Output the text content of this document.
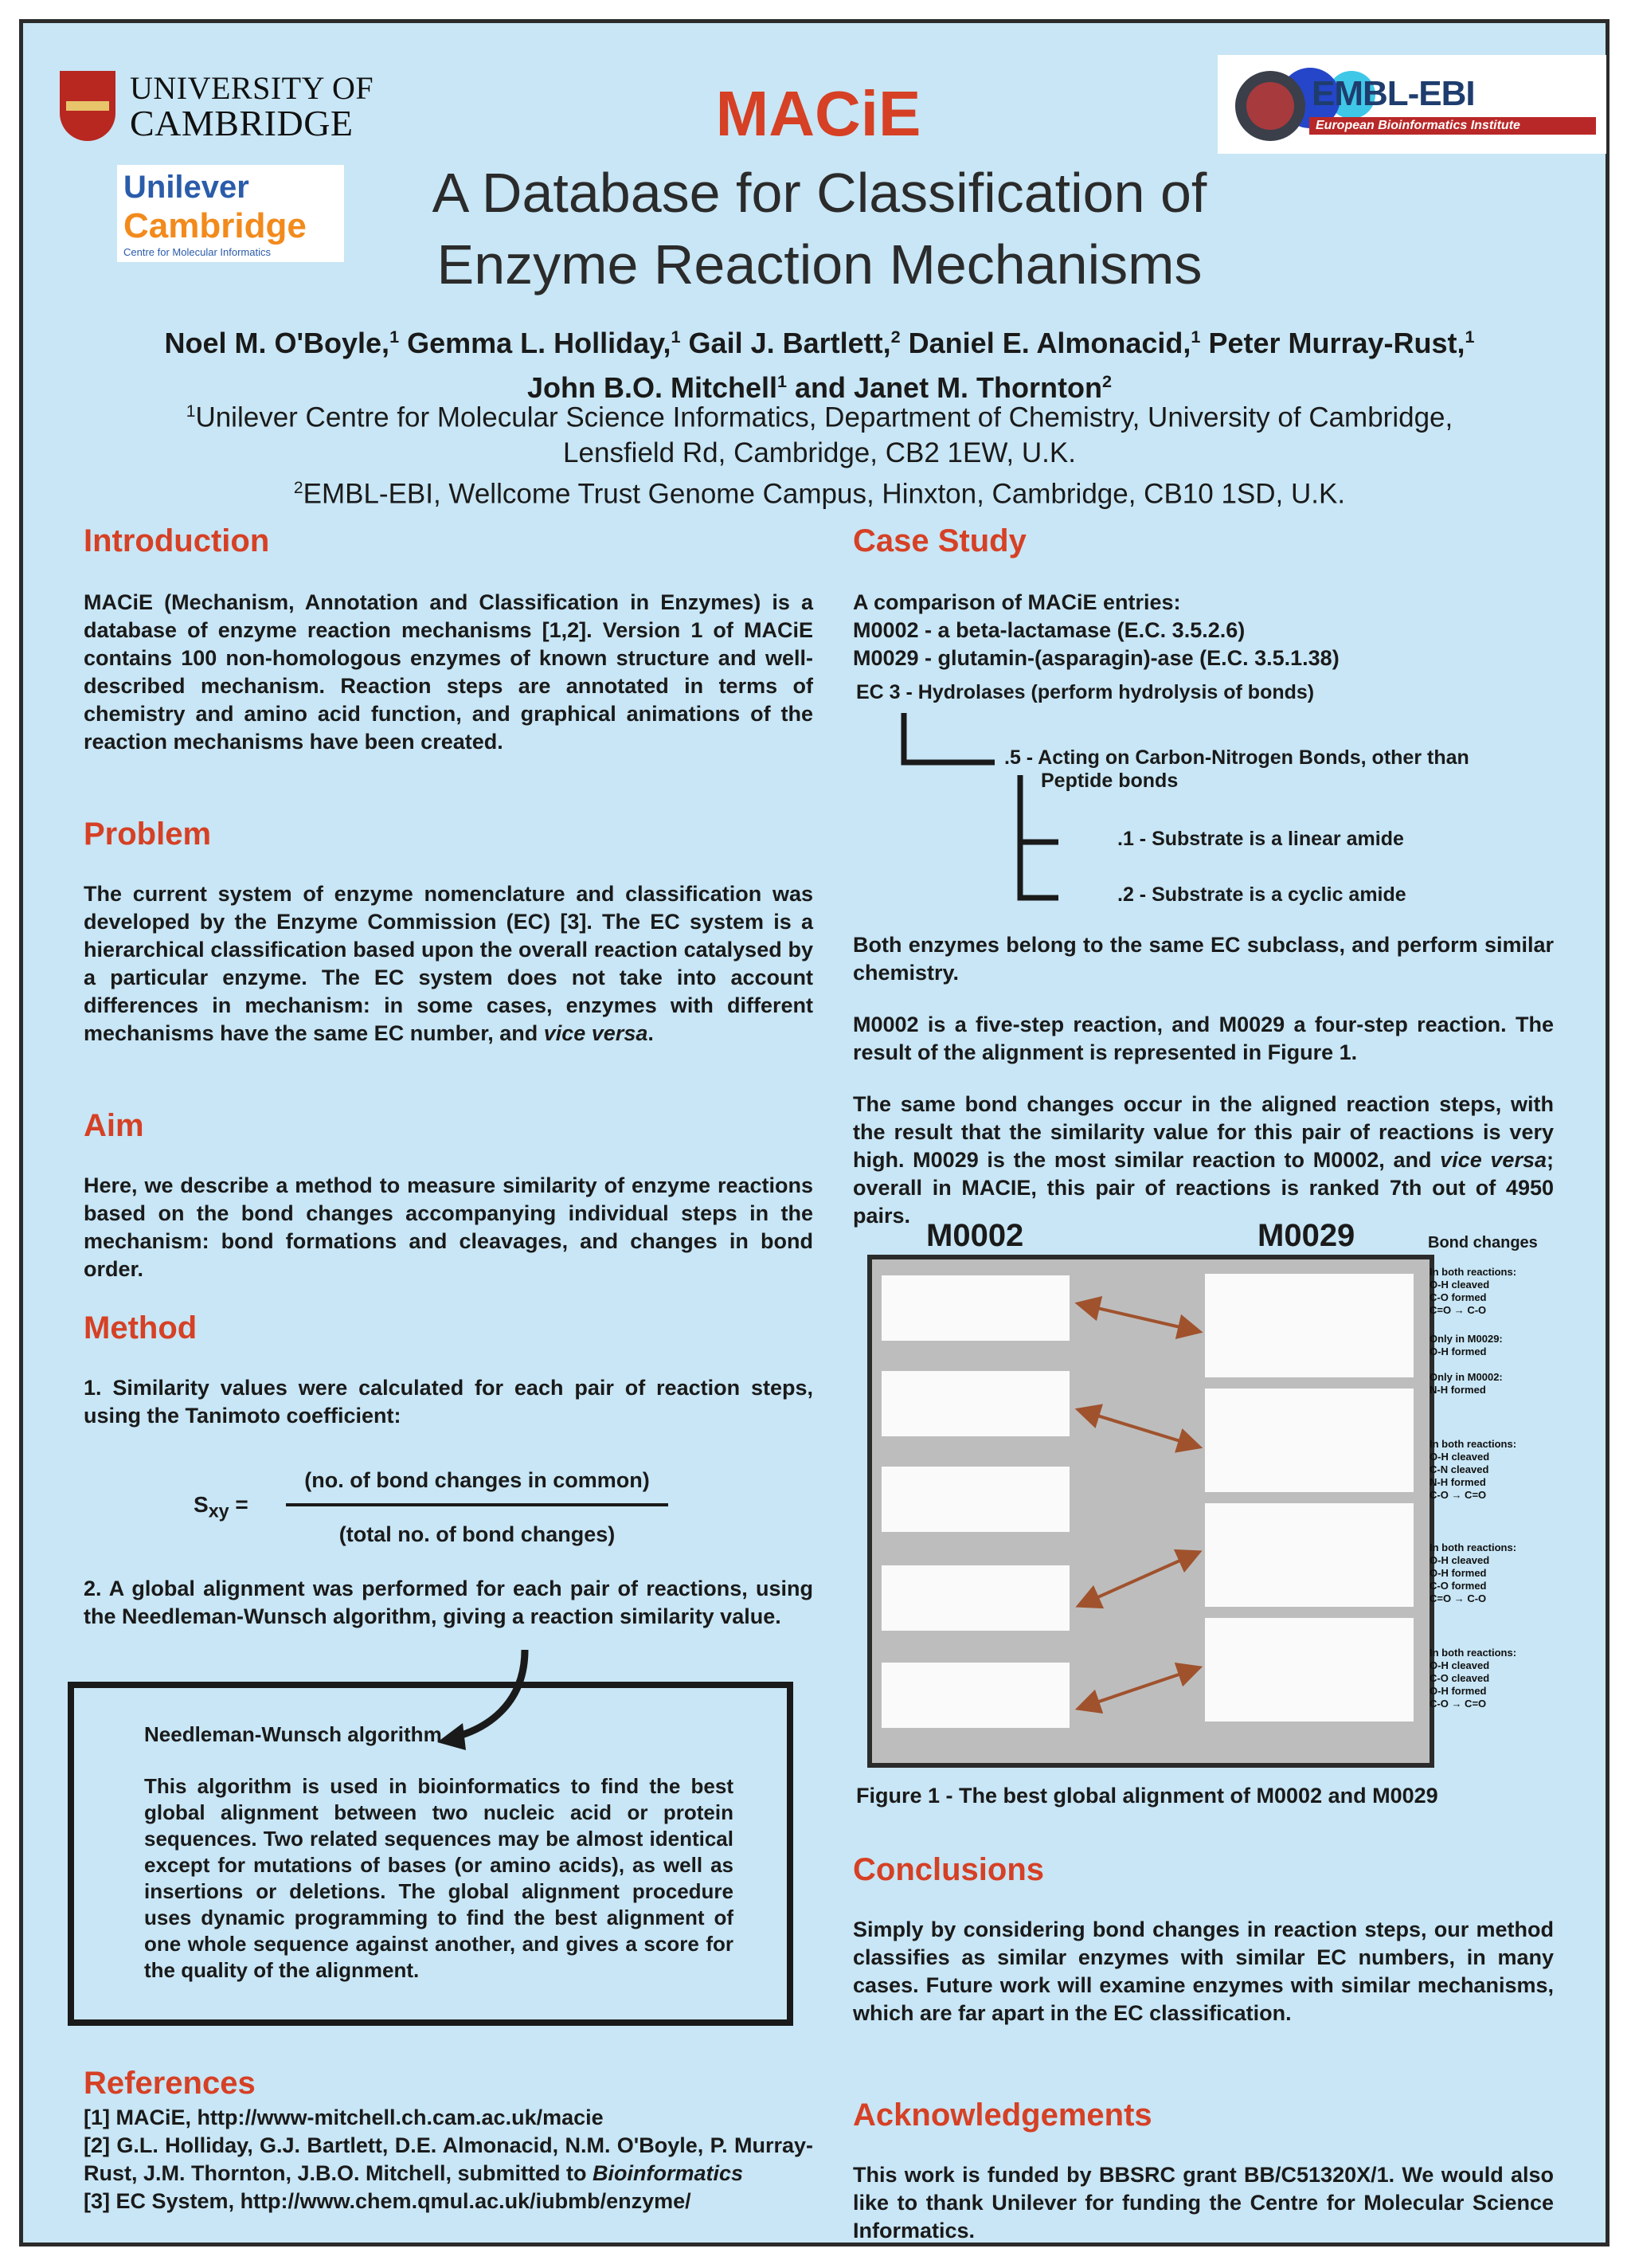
UNIVERSITY OF
CAMBRIDGE
Unilever
Cambridge
Centre for Molecular Informatics
EMBL-EBI
European Bioinformatics Institute
MACiE
A Database for Classification of
Enzyme Reaction Mechanisms
Noel M. O'Boyle,$^1$ Gemma L. Holliday,$^1$ Gail J. Bartlett,$^2$ Daniel E. Almonacid,$^1$ Peter Murray-Rust,$^1$
John B.O. Mitchell$^1$ and Janet M. Thornton$^2$
$^1$Unilever Centre for Molecular Science Informatics, Department of Chemistry, University of Cambridge,
Lensfield Rd, Cambridge, CB2 1EW, U.K.
$^2$EMBL-EBI, Wellcome Trust Genome Campus, Hinxton, Cambridge, CB10 1SD, U.K.
Introduction
MACiE (Mechanism, Annotation and Classification in Enzymes) is a database of enzyme reaction mechanisms [1,2]. Version 1 of MACiE contains 100 non-homologous enzymes of known structure and well-described mechanism. Reaction steps are annotated in terms of chemistry and amino acid function, and graphical animations of the reaction mechanisms have been created.
Problem
The current system of enzyme nomenclature and classification was developed by the Enzyme Commission (EC) [3]. The EC system is a hierarchical classification based upon the overall reaction catalysed by a particular enzyme. The EC system does not take into account differences in mechanism: in some cases, enzymes with different mechanisms have the same EC number, and vice versa.
Aim
Here, we describe a method to measure similarity of enzyme reactions based on the bond changes accompanying individual steps in the mechanism: bond formations and cleavages, and changes in bond order.
Method
1. Similarity values were calculated for each pair of reaction steps, using the Tanimoto coefficient:
$S_{xy}$ =
(no. of bond changes in common)
(total no. of bond changes)
2. A global alignment was performed for each pair of reactions, using the Needleman-Wunsch algorithm, giving a reaction similarity value.
Needleman-Wunsch algorithm
This algorithm is used in bioinformatics to find the best global alignment between two nucleic acid or protein sequences. Two related sequences may be almost identical except for mutations of bases (or amino acids), as well as insertions or deletions. The global alignment procedure uses dynamic programming to find the best alignment of one whole sequence against another, and gives a score for the quality of the alignment.
References
[1] MACiE, http://www-mitchell.ch.cam.ac.uk/macie
[2] G.L. Holliday, G.J. Bartlett, D.E. Almonacid, N.M. O'Boyle, P. Murray-Rust, J.M. Thornton, J.B.O. Mitchell, submitted to Bioinformatics
[3] EC System, http://www.chem.qmul.ac.uk/iubmb/enzyme/
Case Study
A comparison of MACiE entries:
M0002 - a beta-lactamase (E.C. 3.5.2.6)
M0029 - glutamin-(asparagin)-ase (E.C. 3.5.1.38)
EC 3 - Hydrolases (perform hydrolysis of bonds)
.5 - Acting on Carbon-Nitrogen Bonds, other than
Peptide bonds
.1 - Substrate is a linear amide
.2 - Substrate is a cyclic amide
Both enzymes belong to the same EC subclass, and perform similar chemistry.
M0002 is a five-step reaction, and M0029 a four-step reaction. The result of the alignment is represented in Figure 1.
The same bond changes occur in the aligned reaction steps, with the result that the similarity value for this pair of reactions is very high. M0029 is the most similar reaction to M0002, and vice versa; overall in MACIE, this pair of reactions is ranked 7th out of 4950 pairs.
M0002	M0029	Bond changes
In both reactions:
O-H cleaved
C-O formed
C=O → C-O
Only in M0029:
O-H formed
Only in M0002:
N-H formed
In both reactions:
O-H cleaved
C-N cleaved
N-H formed
C-O → C=O
In both reactions:
O-H cleaved
O-H formed
C-O formed
C=O → C-O
In both reactions:
O-H cleaved
C-O cleaved
O-H formed
C-O → C=O
Figure 1 - The best global alignment of M0002 and M0029
Conclusions
Simply by considering bond changes in reaction steps, our method classifies as similar enzymes with similar EC numbers, in many cases. Future work will examine enzymes with similar mechanisms, which are far apart in the EC classification.
Acknowledgements
This work is funded by BBSRC grant BB/C51320X/1. We would also like to thank Unilever for funding the Centre for Molecular Science Informatics.
